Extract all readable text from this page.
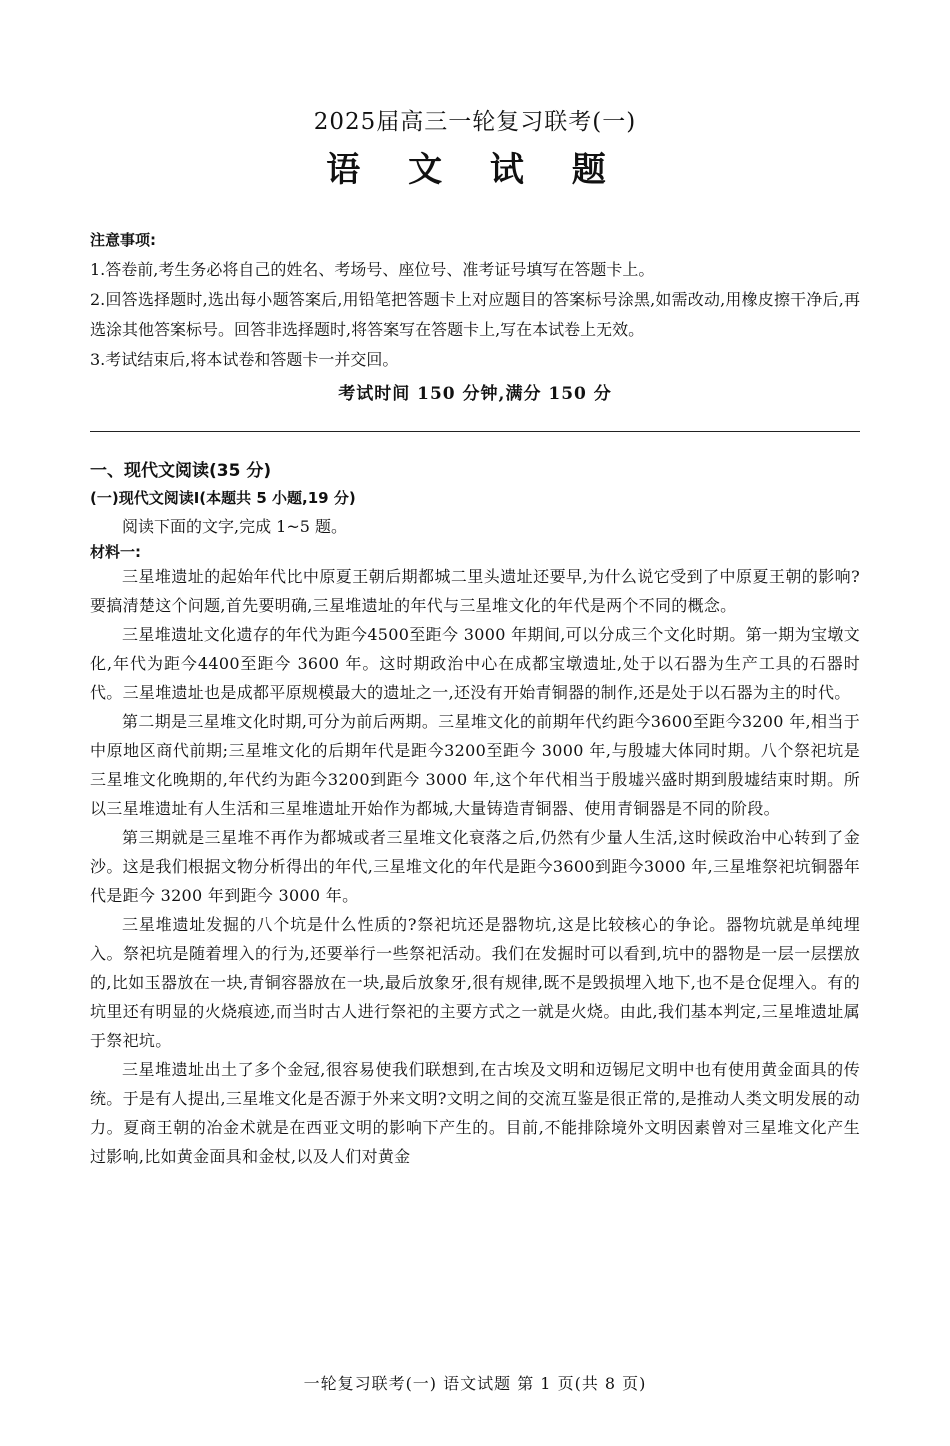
2025届高三一轮复习联考(一)
语 文 试 题
注意事项:
1.答卷前,考生务必将自己的姓名、考场号、座位号、准考证号填写在答题卡上。
2.回答选择题时,选出每小题答案后,用铅笔把答题卡上对应题目的答案标号涂黑,如需改动,用橡皮擦干净后,再选涂其他答案标号。回答非选择题时,将答案写在答题卡上,写在本试卷上无效。
3.考试结束后,将本试卷和答题卡一并交回。
考试时间 150 分钟,满分 150 分
一、现代文阅读(35 分)
(一)现代文阅读Ⅰ(本题共 5 小题,19 分)
阅读下面的文字,完成 1~5 题。
材料一:

三星堆遗址的起始年代比中原夏王朝后期都城二里头遗址还要早,为什么说它受到了中原夏王朝的影响?要搞清楚这个问题,首先要明确,三星堆遗址的年代与三星堆文化的年代是两个不同的概念。

三星堆遗址文化遗存的年代为距今4500至距今 3000 年期间,可以分成三个文化时期。第一期为宝墩文化,年代为距今4400至距今 3600 年。这时期政治中心在成都宝墩遗址,处于以石器为生产工具的石器时代。三星堆遗址也是成都平原规模最大的遗址之一,还没有开始青铜器的制作,还是处于以石器为主的时代。

第二期是三星堆文化时期,可分为前后两期。三星堆文化的前期年代约距今3600至距今3200 年,相当于中原地区商代前期;三星堆文化的后期年代是距今3200至距今 3000 年,与殷墟大体同时期。八个祭祀坑是三星堆文化晚期的,年代约为距今3200到距今 3000 年,这个年代相当于殷墟兴盛时期到殷墟结束时期。所以三星堆遗址有人生活和三星堆遗址开始作为都城,大量铸造青铜器、使用青铜器是不同的阶段。

第三期就是三星堆不再作为都城或者三星堆文化衰落之后,仍然有少量人生活,这时候政治中心转到了金沙。这是我们根据文物分析得出的年代,三星堆文化的年代是距今3600到距今3000 年,三星堆祭祀坑铜器年代是距今 3200 年到距今 3000 年。

三星堆遗址发掘的八个坑是什么性质的?祭祀坑还是器物坑,这是比较核心的争论。器物坑就是单纯埋入。祭祀坑是随着埋入的行为,还要举行一些祭祀活动。我们在发掘时可以看到,坑中的器物是一层一层摆放的,比如玉器放在一块,青铜容器放在一块,最后放象牙,很有规律,既不是毁损埋入地下,也不是仓促埋入。有的坑里还有明显的火烧痕迹,而当时古人进行祭祀的主要方式之一就是火烧。由此,我们基本判定,三星堆遗址属于祭祀坑。

三星堆遗址出土了多个金冠,很容易使我们联想到,在古埃及文明和迈锡尼文明中也有使用黄金面具的传统。于是有人提出,三星堆文化是否源于外来文明?文明之间的交流互鉴是很正常的,是推动人类文明发展的动力。夏商王朝的冶金术就是在西亚文明的影响下产生的。目前,不能排除境外文明因素曾对三星堆文化产生过影响,比如黄金面具和金杖,以及人们对黄金

一轮复习联考(一) 语文试题 第 1 页(共 8 页)
